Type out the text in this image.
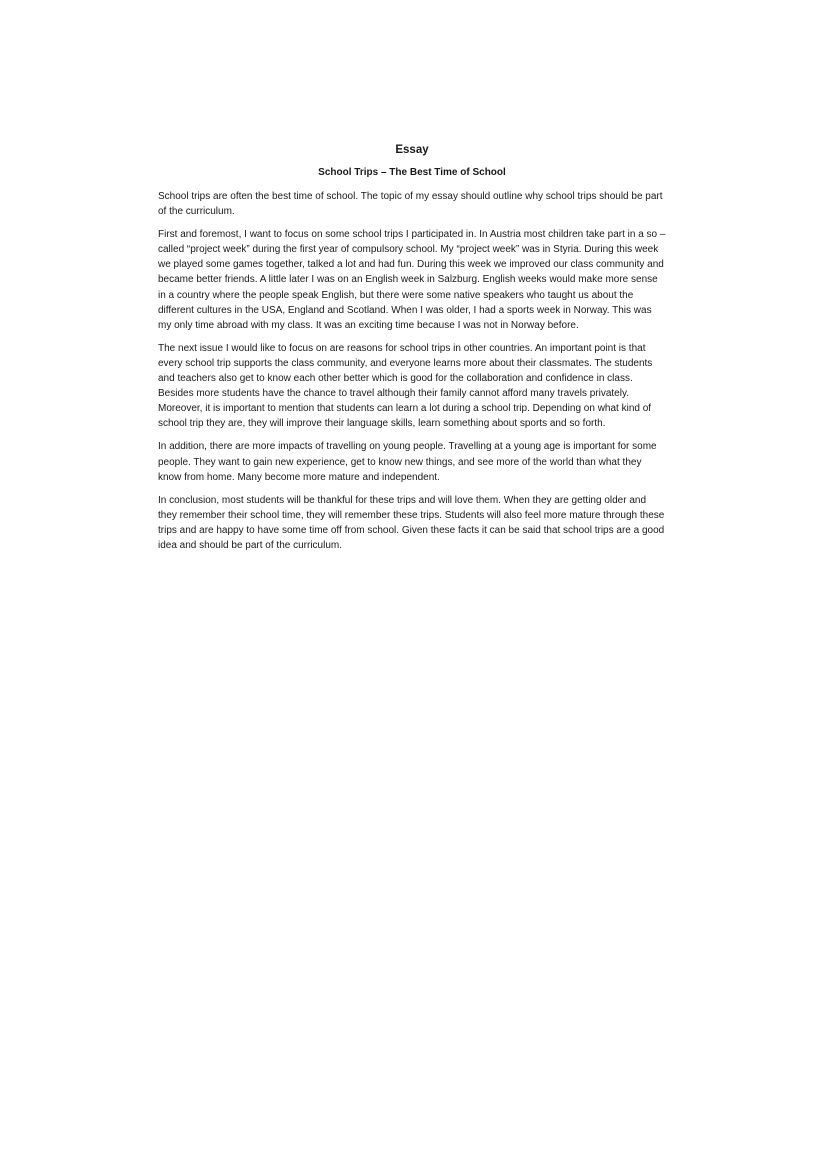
Essay
School Trips – The Best Time of School

School trips are often the best time of school. The topic of my essay should outline why school trips should be part of the curriculum.

First and foremost, I want to focus on some school trips I participated in. In Austria most children take part in a so – called “project week” during the first year of compulsory school. My “project week” was in Styria. During this week we played some games together, talked a lot and had fun. During this week we improved our class community and became better friends. A little later I was on an English week in Salzburg. English weeks would make more sense in a country where the people speak English, but there were some native speakers who taught us about the different cultures in the USA, England and Scotland. When I was older, I had a sports week in Norway. This was my only time abroad with my class. It was an exciting time because I was not in Norway before.

The next issue I would like to focus on are reasons for school trips in other countries. An important point is that every school trip supports the class community, and everyone learns more about their classmates. The students and teachers also get to know each other better which is good for the collaboration and confidence in class. Besides more students have the chance to travel although their family cannot afford many travels privately. Moreover, it is important to mention that students can learn a lot during a school trip. Depending on what kind of school trip they are, they will improve their language skills, learn something about sports and so forth.

In addition, there are more impacts of travelling on young people. Travelling at a young age is important for some people. They want to gain new experience, get to know new things, and see more of the world than what they know from home. Many become more mature and independent.

In conclusion, most students will be thankful for these trips and will love them. When they are getting older and they remember their school time, they will remember these trips. Students will also feel more mature through these trips and are happy to have some time off from school. Given these facts it can be said that school trips are a good idea and should be part of the curriculum.
